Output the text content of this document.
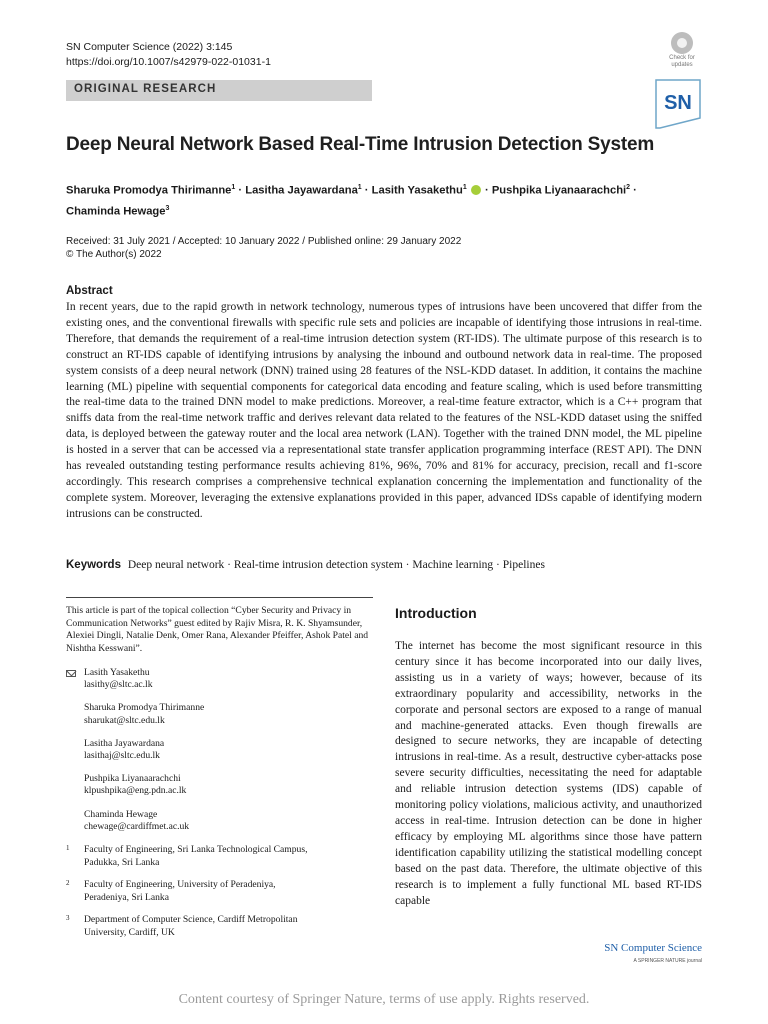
SN Computer Science (2022) 3:145
https://doi.org/10.1007/s42979-022-01031-1	Check for
updates
SN
ORIGINAL RESEARCH
Deep Neural Network Based Real-Time Intrusion Detection System
Sharuka Promodya Thirimanne$^1$ · Lasitha Jayawardana$^1$ · Lasith Yasakethu$^1$  · Pushpika Liyanaarachchi$^2$ ·
Chaminda Hewage$^3$
Received: 31 July 2021 / Accepted: 10 January 2022 / Published online: 29 January 2022
© The Author(s) 2022
Abstract
In recent years, due to the rapid growth in network technology, numerous types of intrusions have been uncovered that differ from the existing ones, and the conventional firewalls with specific rule sets and policies are incapable of identifying those intrusions in real-time. Therefore, that demands the requirement of a real-time intrusion detection system (RT-IDS). The ultimate purpose of this research is to construct an RT-IDS capable of identifying intrusions by analysing the inbound and outbound network data in real-time. The proposed system consists of a deep neural network (DNN) trained using 28 features of the NSL-KDD dataset. In addition, it contains the machine learning (ML) pipeline with sequential components for categorical data encoding and feature scaling, which is used before transmitting the real-time data to the trained DNN model to make predictions. Moreover, a real-time feature extractor, which is a C++ program that sniffs data from the real-time network traffic and derives relevant data related to the features of the NSL-KDD dataset using the sniffed data, is deployed between the gateway router and the local area network (LAN). Together with the trained DNN model, the ML pipeline is hosted in a server that can be accessed via a representational state transfer application programming interface (REST API). The DNN has revealed outstanding testing performance results achieving 81%, 96%, 70% and 81% for accuracy, precision, recall and f1-score accordingly. This research comprises a comprehensive technical explanation concerning the implementation and functionality of the complete system. Moreover, leveraging the extensive explanations provided in this paper, advanced IDSs capable of identifying modern intrusions can be constructed.
Keywords Deep neural network · Real-time intrusion detection system · Machine learning · Pipelines
This article is part of the topical collection “Cyber Security and Privacy in Communication Networks” guest edited by Rajiv Misra, R. K. Shyamsunder, Alexiei Dingli, Natalie Denk, Omer Rana, Alexander Pfeiffer, Ashok Patel and Nishtha Kesswani”.
Lasith Yasakethu
lasithy@sltc.ac.lk
Sharuka Promodya Thirimanne
sharukat@sltc.edu.lk
Lasitha Jayawardana
lasithaj@sltc.edu.lk
Pushpika Liyanaarachchi
klpushpika@eng.pdn.ac.lk
Chaminda Hewage
chewage@cardiffmet.ac.uk
1 Faculty of Engineering, Sri Lanka Technological Campus,
Padukka, Sri Lanka
2 Faculty of Engineering, University of Peradeniya,
Peradeniya, Sri Lanka
3 Department of Computer Science, Cardiff Metropolitan
University, Cardiff, UK
Introduction
The internet has become the most significant resource in this century since it has become incorporated into our daily lives, assisting us in a variety of ways; however, because of its extraordinary popularity and accessibility, networks in the corporate and personal sectors are exposed to a range of manual and machine-generated attacks. Even though firewalls are designed to secure networks, they are incapable of detecting intrusions in real-time. As a result, destructive cyber-attacks pose severe security difficulties, necessitating the need for adaptable and reliable intrusion detection systems (IDS) capable of monitoring policy violations, malicious activity, and unauthorized access in real-time. Intrusion detection can be done in higher efficacy by employing ML algorithms since those have pattern identification capability utilizing the statistical modelling concept based on the past data. Therefore, the ultimate objective of this research is to implement a fully functional ML based RT-IDS capable
SN Computer Science
A SPRINGER NATURE journal
Content courtesy of Springer Nature, terms of use apply. Rights reserved.
